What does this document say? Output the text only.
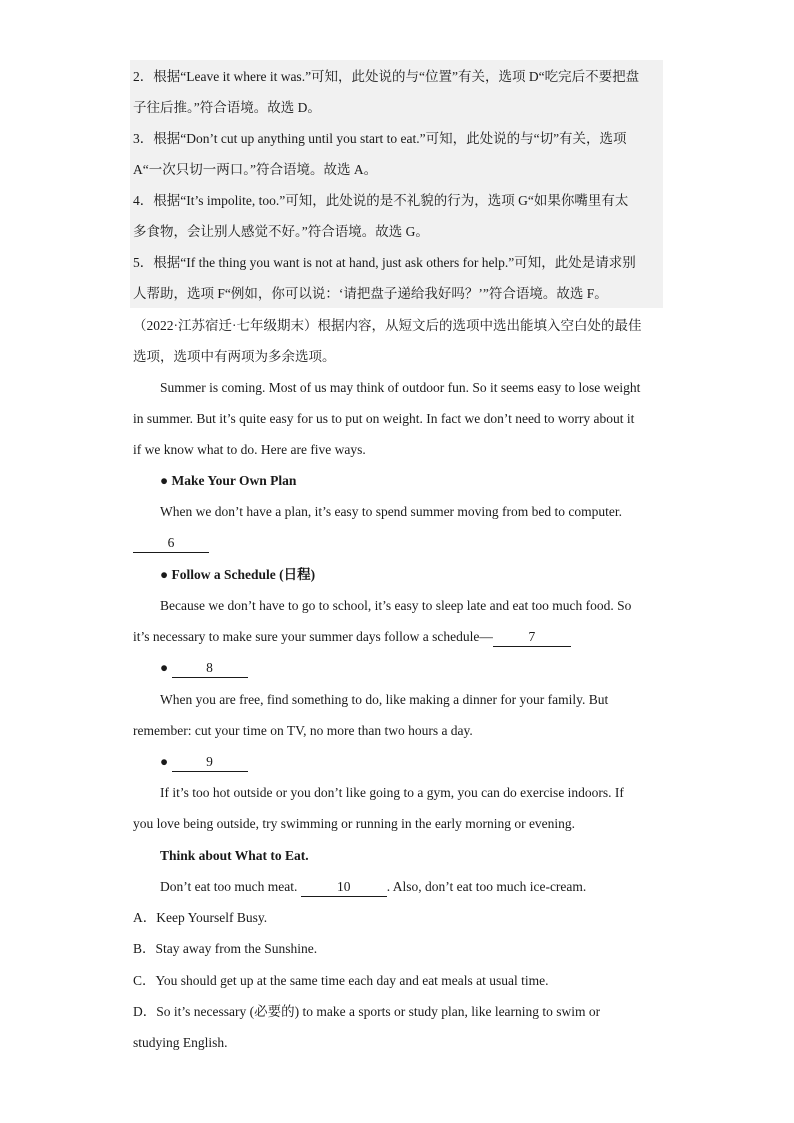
2．根据“Leave it where it was.”可知，此处说的与“位置”有关，选项 D“吃完后不要把盘
子往后推。”符合语境。故选 D。
3．根据“Don’t cut up anything until you start to eat.”可知，此处说的与“切”有关，选项
A“一次只切一两口。”符合语境。故选 A。
4．根据“It’s impolite, too.”可知，此处说的是不礼貌的行为，选项 G“如果你嘴里有太
多食物，会让别人感觉不好。”符合语境。故选 G。
5．根据“If the thing you want is not at hand, just ask others for help.”可知，此处是请求别
人帮助，选项 F“例如，你可以说：‘请把盘子递给我好吗？’”符合语境。故选 F。
（2022·江苏宿迁·七年级期末）根据内容，从短文后的选项中选出能填入空白处的最佳
选项，选项中有两项为多余选项。
Summer is coming. Most of us may think of outdoor fun. So it seems easy to lose weight
in summer. But it’s quite easy for us to put on weight. In fact we don’t need to worry about it
if we know what to do. Here are five ways.
● Make Your Own Plan
When we don’t have a plan, it’s easy to spend summer moving from bed to computer.
6
● Follow a Schedule (日程)
Because we don’t have to go to school, it’s easy to sleep late and eat too much food. So
it’s necessary to make sure your summer days follow a schedule—	7
●	8
When you are free, find something to do, like making a dinner for your family. But
remember: cut your time on TV, no more than two hours a day.
●	9
If it’s too hot outside or you don’t like going to a gym, you can do exercise indoors. If
you love being outside, try swimming or running in the early morning or evening.
Think about What to Eat.
Don’t eat too much meat.	10	. Also, don’t eat too much ice-cream.
A．Keep Yourself Busy.
B．Stay away from the Sunshine.
C．You should get up at the same time each day and eat meals at usual time.
D．So it’s necessary (必要的) to make a sports or study plan, like learning to swim or
studying English.
